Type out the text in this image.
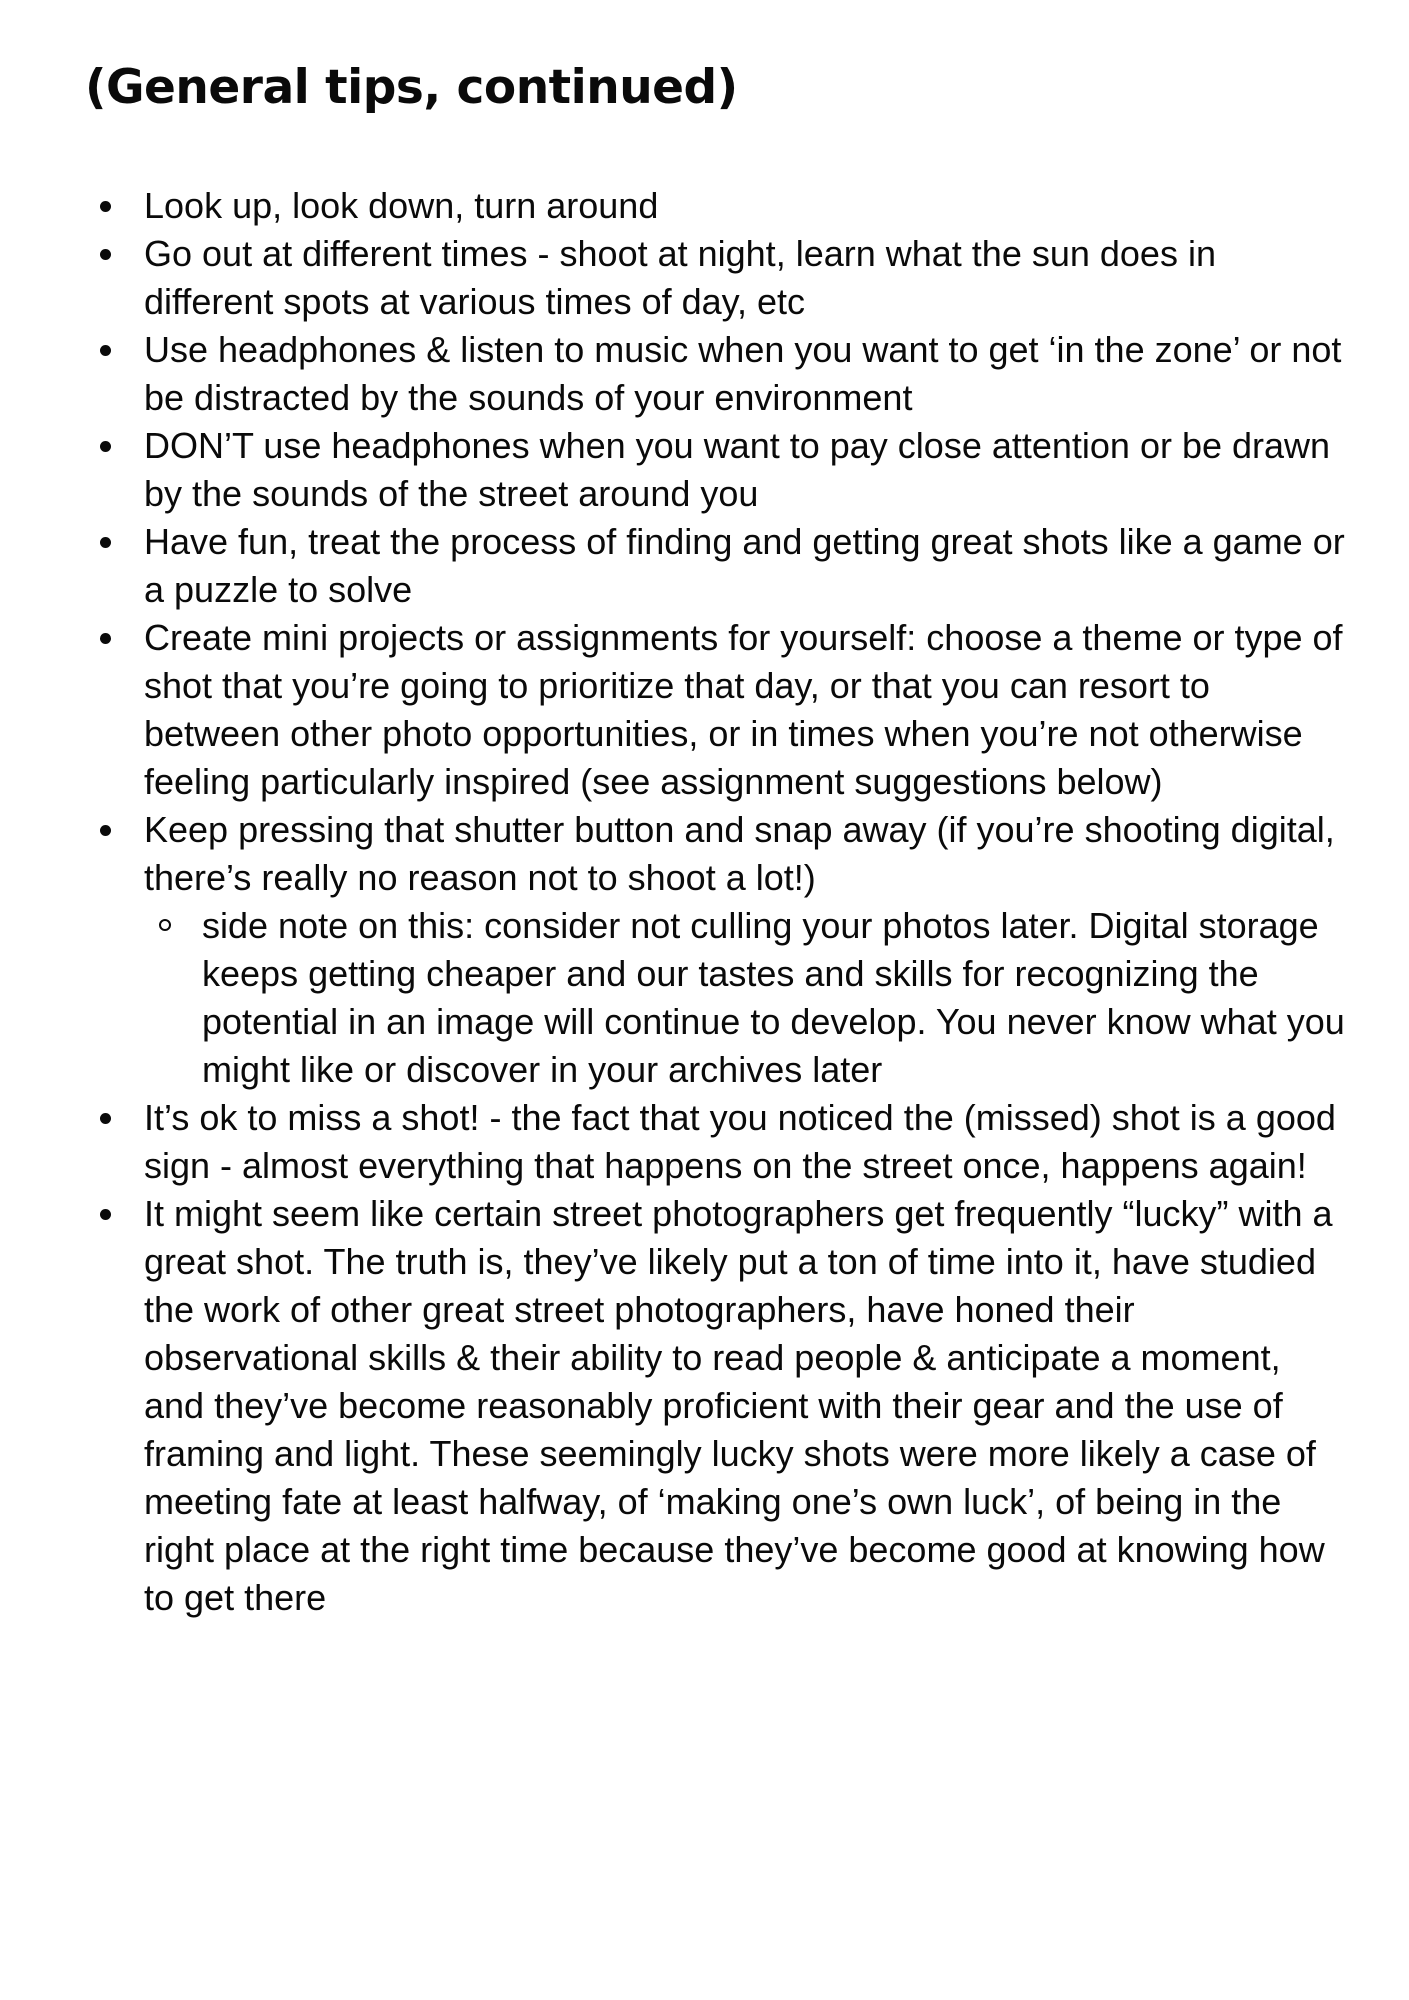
(General tips, continued)
Look up, look down, turn around
Go out at different times - shoot at night, learn what the sun does in different spots at various times of day, etc
Use headphones & listen to music when you want to get ‘in the zone’ or not be distracted by the sounds of your environment
DON’T use headphones when you want to pay close attention or be drawn by the sounds of the street around you
Have fun, treat the process of finding and getting great shots like a game or a puzzle to solve
Create mini projects or assignments for yourself: choose a theme or type of shot that you’re going to prioritize that day, or that you can resort to between other photo opportunities, or in times when you’re not otherwise feeling particularly inspired (see assignment suggestions below)
Keep pressing that shutter button and snap away (if you’re shooting digital, there’s really no reason not to shoot a lot!)
side note on this: consider not culling your photos later. Digital storage keeps getting cheaper and our tastes and skills for recognizing the potential in an image will continue to develop. You never know what you might like or discover in your archives later
It’s ok to miss a shot! - the fact that you noticed the (missed) shot is a good sign - almost everything that happens on the street once, happens again!
It might seem like certain street photographers get frequently “lucky” with a great shot. The truth is, they’ve likely put a ton of time into it, have studied the work of other great street photographers, have honed their observational skills & their ability to read people & anticipate a moment, and they’ve become reasonably proficient with their gear and the use of framing and light. These seemingly lucky shots were more likely a case of meeting fate at least halfway, of ‘making one’s own luck’, of being in the right place at the right time because they’ve become good at knowing how to get there
